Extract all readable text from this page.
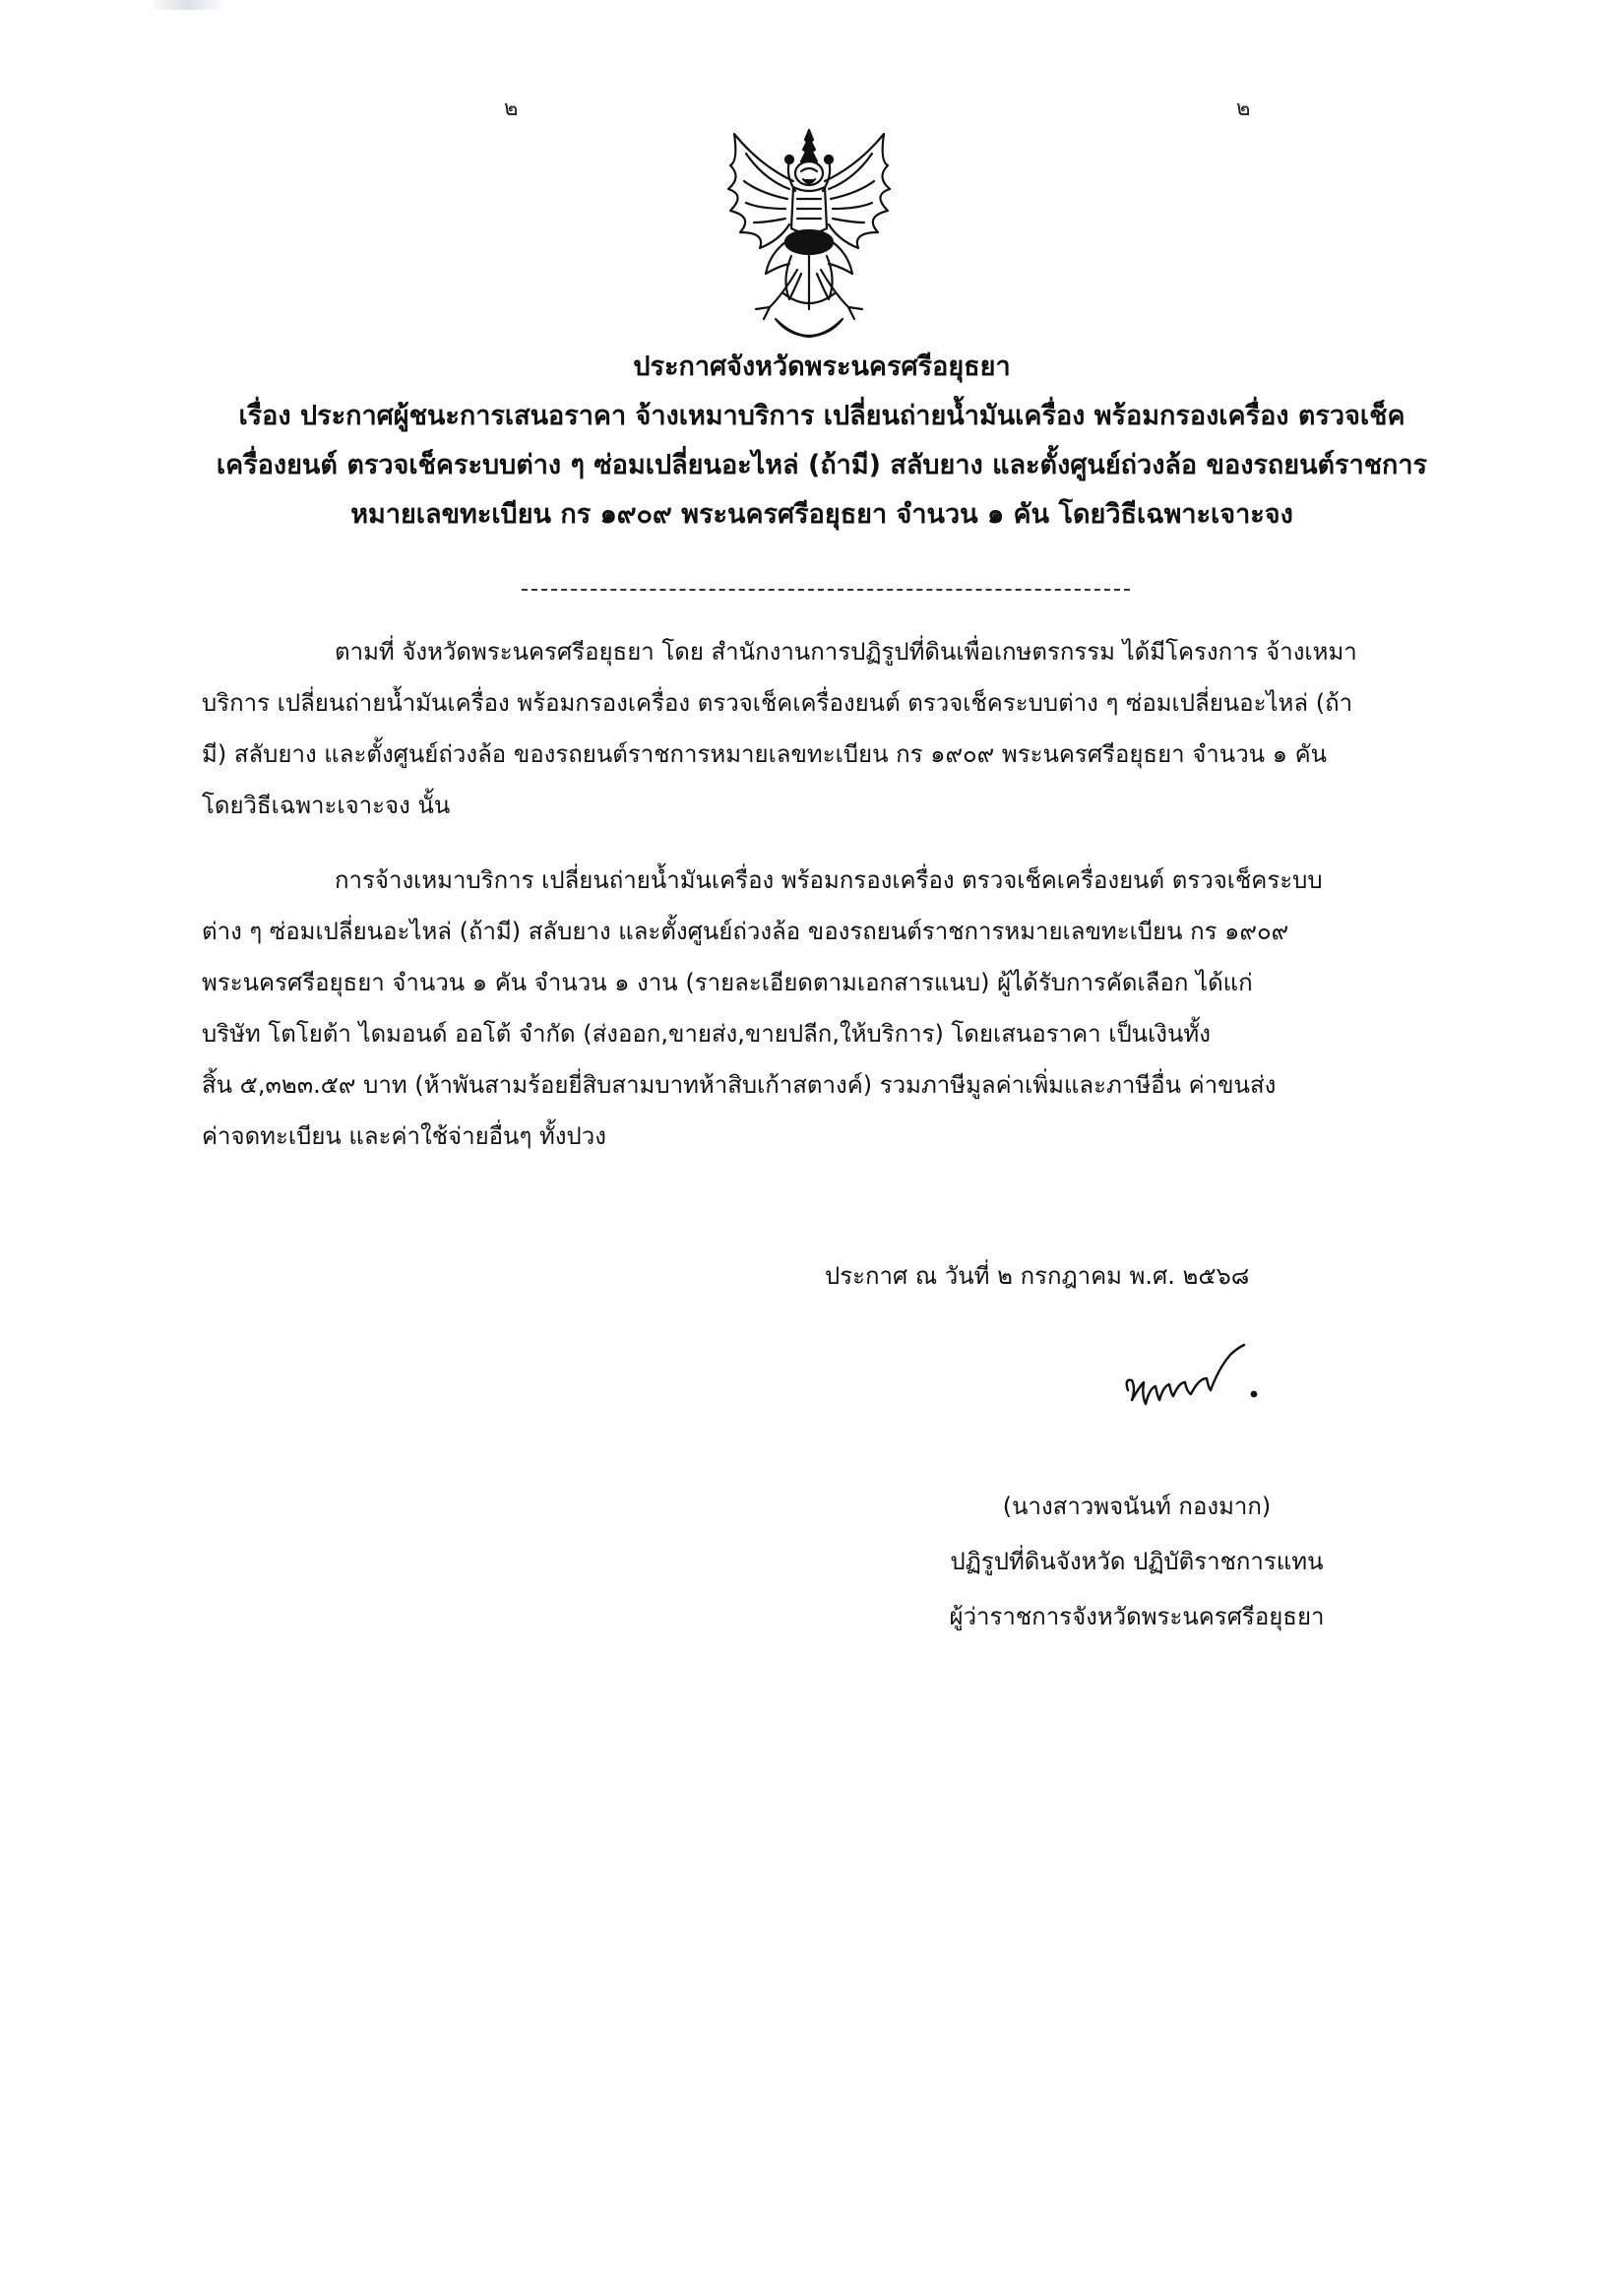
๒	๒
ประกาศจังหวัดพระนครศรีอยุธยา
เรื่อง ประกาศผู้ชนะการเสนอราคา จ้างเหมาบริการ เปลี่ยนถ่ายน้ำมันเครื่อง พร้อมกรองเครื่อง ตรวจเช็ค
เครื่องยนต์ ตรวจเช็คระบบต่าง ๆ ซ่อมเปลี่ยนอะไหล่ (ถ้ามี) สลับยาง และตั้งศูนย์ถ่วงล้อ ของรถยนต์ราชการ
หมายเลขทะเบียน กร ๑๙๐๙ พระนครศรีอยุธยา จำนวน ๑ คัน โดยวิธีเฉพาะเจาะจง
ตามที่ จังหวัดพระนครศรีอยุธยา โดย สำนักงานการปฏิรูปที่ดินเพื่อเกษตรกรรม ได้มีโครงการ จ้างเหมา
บริการ เปลี่ยนถ่ายน้ำมันเครื่อง พร้อมกรองเครื่อง ตรวจเช็คเครื่องยนต์ ตรวจเช็คระบบต่าง ๆ ซ่อมเปลี่ยนอะไหล่ (ถ้า
มี) สลับยาง และตั้งศูนย์ถ่วงล้อ ของรถยนต์ราชการหมายเลขทะเบียน กร ๑๙๐๙ พระนครศรีอยุธยา จำนวน ๑ คัน
โดยวิธีเฉพาะเจาะจง นั้น
การจ้างเหมาบริการ เปลี่ยนถ่ายน้ำมันเครื่อง พร้อมกรองเครื่อง ตรวจเช็คเครื่องยนต์ ตรวจเช็คระบบ
ต่าง ๆ ซ่อมเปลี่ยนอะไหล่ (ถ้ามี) สลับยาง และตั้งศูนย์ถ่วงล้อ ของรถยนต์ราชการหมายเลขทะเบียน กร ๑๙๐๙
พระนครศรีอยุธยา จำนวน ๑ คัน จำนวน ๑ งาน (รายละเอียดตามเอกสารแนบ) ผู้ได้รับการคัดเลือก ได้แก่
บริษัท โตโยต้า ไดมอนด์ ออโต้ จำกัด (ส่งออก,ขายส่ง,ขายปลีก,ให้บริการ) โดยเสนอราคา เป็นเงินทั้ง
สิ้น ๕,๓๒๓.๕๙ บาท (ห้าพันสามร้อยยี่สิบสามบาทห้าสิบเก้าสตางค์) รวมภาษีมูลค่าเพิ่มและภาษีอื่น ค่าขนส่ง
ค่าจดทะเบียน และค่าใช้จ่ายอื่นๆ ทั้งปวง
ประกาศ ณ วันที่ ๒ กรกฎาคม พ.ศ. ๒๕๖๘
(นางสาวพจนันท์ กองมาก)
ปฏิรูปที่ดินจังหวัด ปฏิบัติราชการแทน
ผู้ว่าราชการจังหวัดพระนครศรีอยุธยา
